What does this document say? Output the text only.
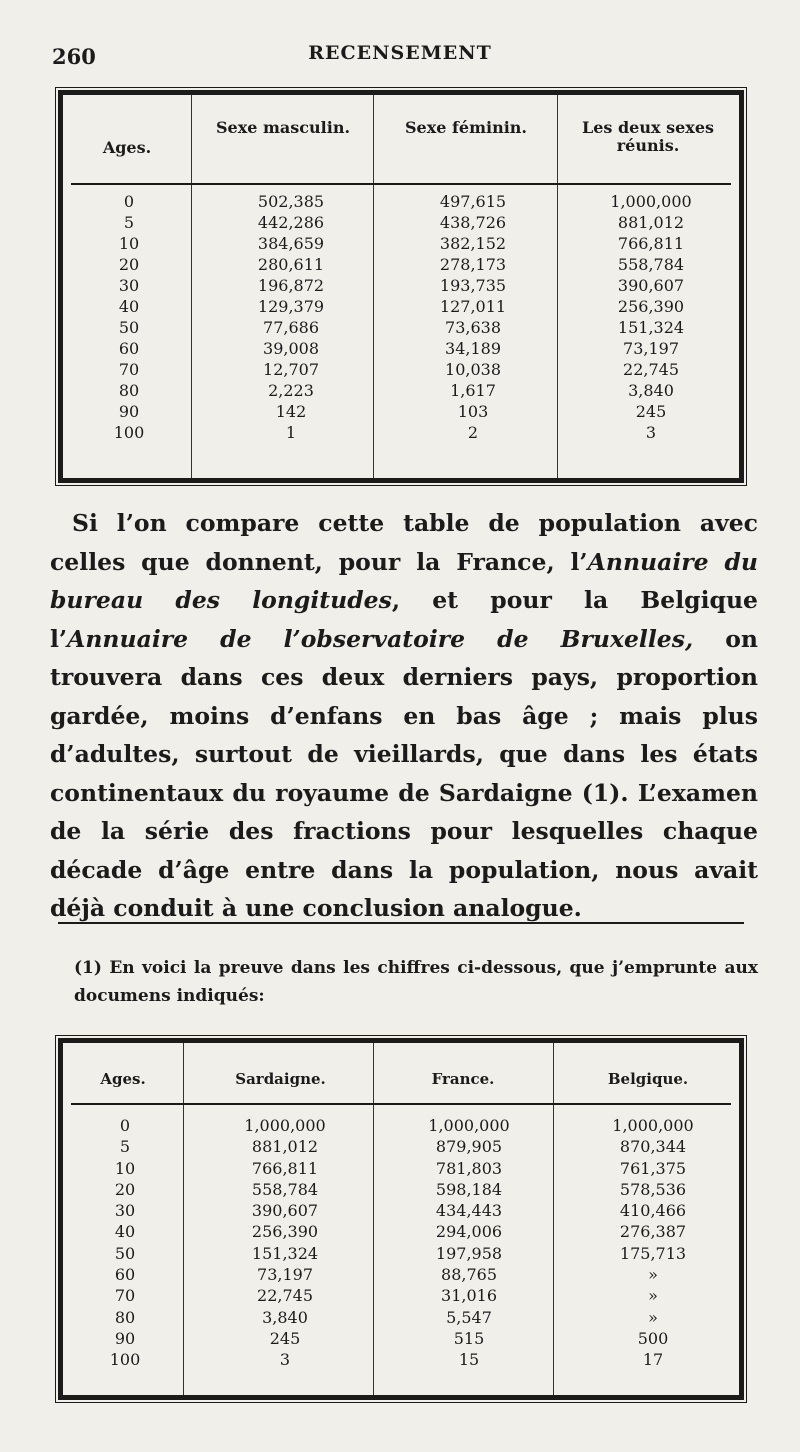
260	RECENSEMENT
Ages.
Sexe masculin.	Sexe féminin.	Les deux sexes réunis.
0	502,385	497,615	1,000,000
5	442,286	438,726	881,012
10	384,659	382,152	766,811
20	280,611	278,173	558,784
30	196,872	193,735	390,607
40	129,379	127,011	256,390
50	77,686	73,638	151,324
60	39,008	34,189	73,197
70	12,707	10,038	22,745
80	2,223	1,617	3,840
90	142	103	245
100	1	2	3
Si l’on compare cette table de population avec celles que donnent, pour la France, l’Annuaire du bureau des longitudes, et pour la Belgique l’Annuaire de l’observatoire de Bruxelles, on trouvera dans ces deux derniers pays, proportion gardée, moins d’enfans en bas âge ; mais plus d’adultes, surtout de vieillards, que dans les états continentaux du royaume de Sardaigne (1). L’examen de la série des fractions pour lesquelles chaque décade d’âge entre dans la population, nous avait déjà conduit à une conclusion analogue.
(1) En voici la preuve dans les chiffres ci-dessous, que j’emprunte aux documens indiqués:
Ages.	Sardaigne.	France.	Belgique.
0	1,000,000	1,000,000	1,000,000
5	881,012	879,905	870,344
10	766,811	781,803	761,375
20	558,784	598,184	578,536
30	390,607	434,443	410,466
40	256,390	294,006	276,387
50	151,324	197,958	175,713
60	73,197	88,765	»
70	22,745	31,016	»
80	3,840	5,547	»
90	245	515	500
100	3	15	17
